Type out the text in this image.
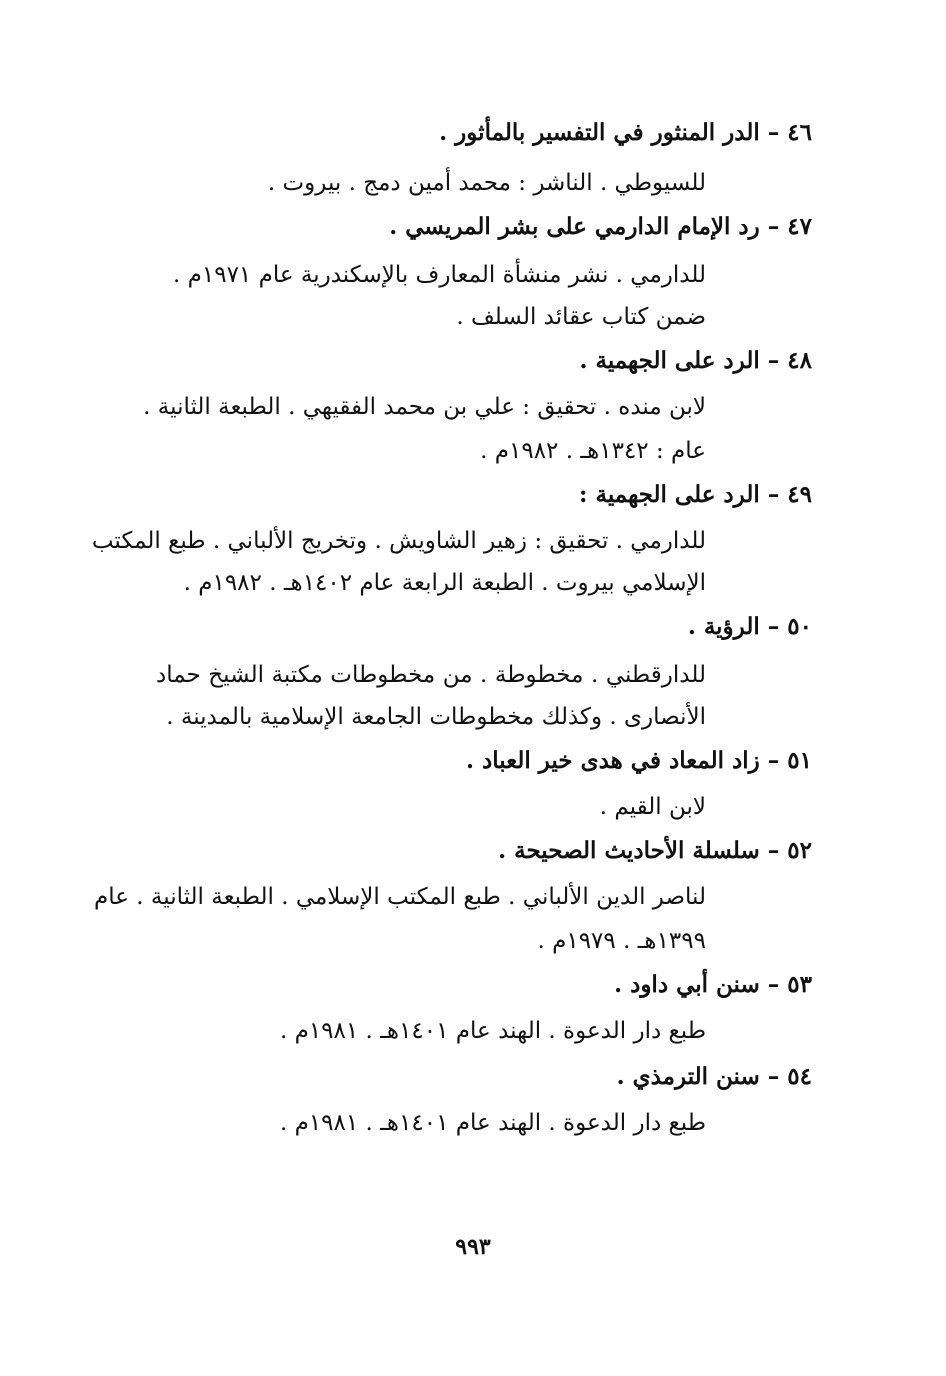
٤٦ – الدر المنثور في التفسير بالمأثور .
للسيوطي . الناشر : محمد أمين دمج . بيروت .
٤٧ – رد الإمام الدارمي على بشر المريسي .
للدارمي . نشر منشأة المعارف بالإسكندرية عام ١٩٧١م .
ضمن كتاب عقائد السلف .
٤٨ – الرد على الجهمية .
لابن منده . تحقيق : علي بن محمد الفقيهي . الطبعة الثانية .
عام : ١٣٤٢هـ . ١٩٨٢م .
٤٩ – الرد على الجهمية :
للدارمي . تحقيق : زهير الشاويش . وتخريج الألباني . طبع المكتب
الإسلامي بيروت . الطبعة الرابعة عام ١٤٠٢هـ . ١٩٨٢م .
٥٠ – الرؤية .
للدارقطني . مخطوطة . من مخطوطات مكتبة الشيخ حماد
الأنصارى . وكذلك مخطوطات الجامعة الإسلامية بالمدينة .
٥١ – زاد المعاد في هدى خير العباد .
لابن القيم .
٥٢ – سلسلة الأحاديث الصحيحة .
لناصر الدين الألباني . طبع المكتب الإسلامي . الطبعة الثانية . عام
١٣٩٩هـ . ١٩٧٩م .
٥٣ – سنن أبي داود .
طبع دار الدعوة . الهند عام ١٤٠١هـ . ١٩٨١م .
٥٤ – سنن الترمذي .
طبع دار الدعوة . الهند عام ١٤٠١هـ . ١٩٨١م .
٩٩٣
